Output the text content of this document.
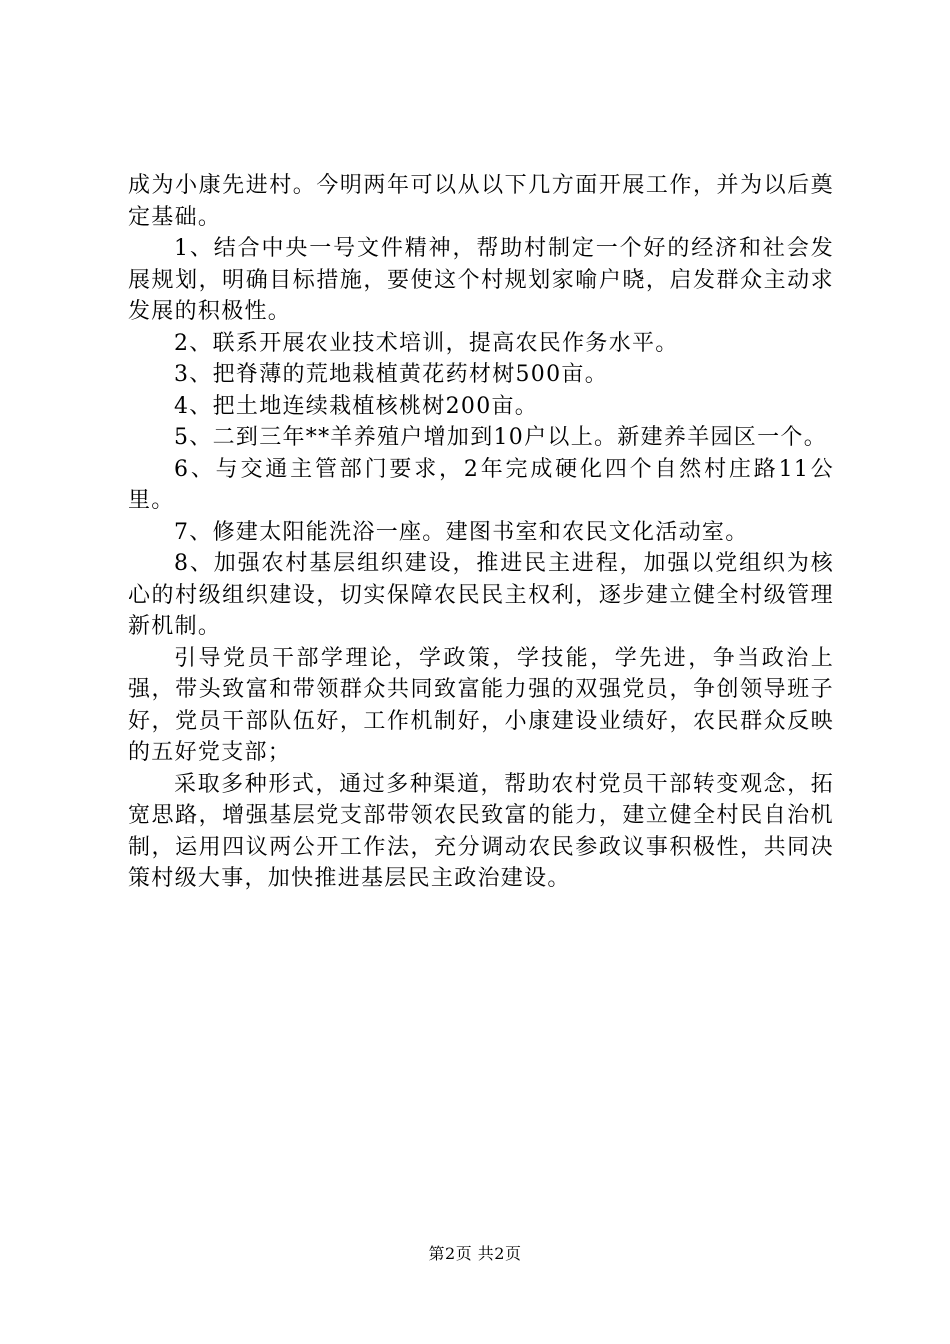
成为小康先进村。今明两年可以从以下几方面开展工作，并为以后奠定基础。

1、结合中央一号文件精神，帮助村制定一个好的经济和社会发展规划，明确目标措施，要使这个村规划家喻户晓，启发群众主动求发展的积极性。

2、联系开展农业技术培训，提高农民作务水平。

3、把脊薄的荒地栽植黄花药材树500亩。

4、把土地连续栽植核桃树200亩。

5、二到三年**羊养殖户增加到10户以上。新建养羊园区一个。

6、与交通主管部门要求，2年完成硬化四个自然村庄路11公里。

7、修建太阳能洗浴一座。建图书室和农民文化活动室。

8、加强农村基层组织建设，推进民主进程，加强以党组织为核心的村级组织建设，切实保障农民民主权利，逐步建立健全村级管理新机制。

引导党员干部学理论，学政策，学技能，学先进，争当政治上强，带头致富和带领群众共同致富能力强的双强党员，争创领导班子好，党员干部队伍好，工作机制好，小康建设业绩好，农民群众反映的五好党支部；

采取多种形式，通过多种渠道，帮助农村党员干部转变观念，拓宽思路，增强基层党支部带领农民致富的能力，建立健全村民自治机制，运用四议两公开工作法，充分调动农民参政议事积极性，共同决策村级大事，加快推进基层民主政治建设。

第2页 共2页
